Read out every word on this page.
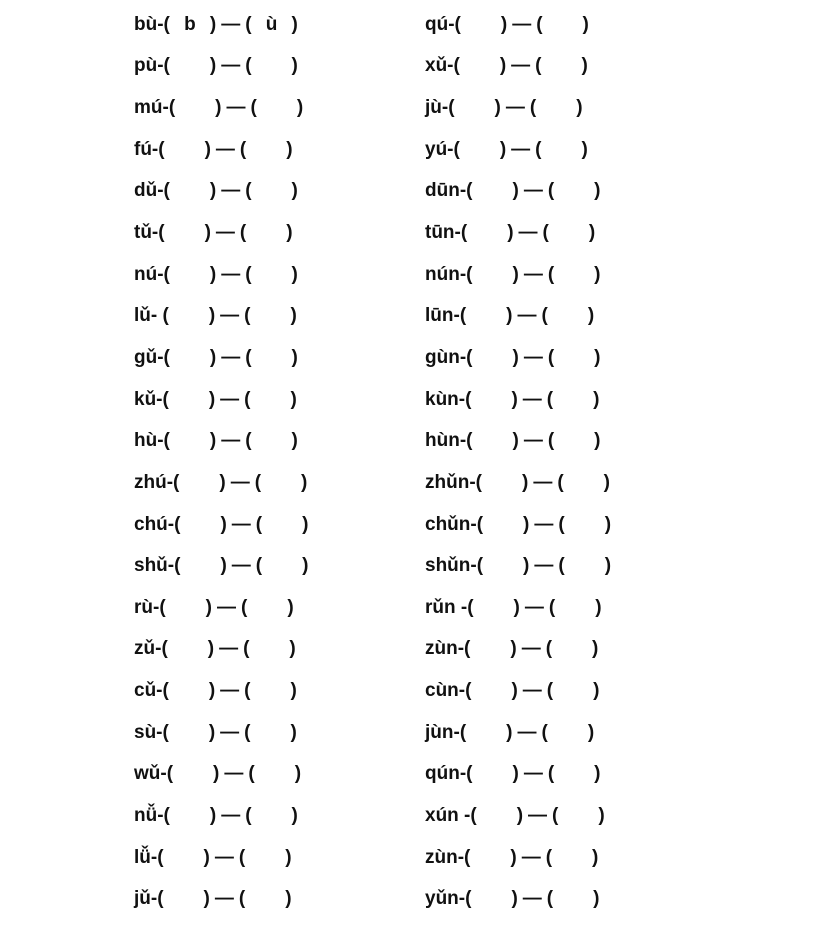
bù- ( b ) — ( ù )
pù- ( ) — ( )
mú- ( ) — ( )
fú- ( ) — ( )
dǔ- ( ) — ( )
tǔ- ( ) — ( )
nú- ( ) — ( )
lǔ- ( ) — ( )
gǔ- ( ) — ( )
kǔ- ( ) — ( )
hù- ( ) — ( )
zhú- ( ) — ( )
chú- ( ) — ( )
shǔ- ( ) — ( )
rù- ( ) — ( )
zǔ- ( ) — ( )
cǔ- ( ) — ( )
sù- ( ) — ( )
wǔ- ( ) — ( )
nǚ- ( ) — ( )
lǚ- ( ) — ( )
jǔ- ( ) — ( )
qú- ( ) — ( )
xǔ- ( ) — ( )
jù- ( ) — ( )
yú- ( ) — ( )
dūn- ( ) — ( )
tūn- ( ) — ( )
nún- ( ) — ( )
lūn- ( ) — ( )
gùn- ( ) — ( )
kùn- ( ) — ( )
hùn- ( ) — ( )
zhǔn- ( ) — ( )
chǔn- ( ) — ( )
shǔn- ( ) — ( )
rǔn - ( ) — ( )
zùn- ( ) — ( )
cùn- ( ) — ( )
jùn- ( ) — ( )
qún- ( ) — ( )
xún - ( ) — ( )
zùn- ( ) — ( )
yǔn- ( ) — ( )
